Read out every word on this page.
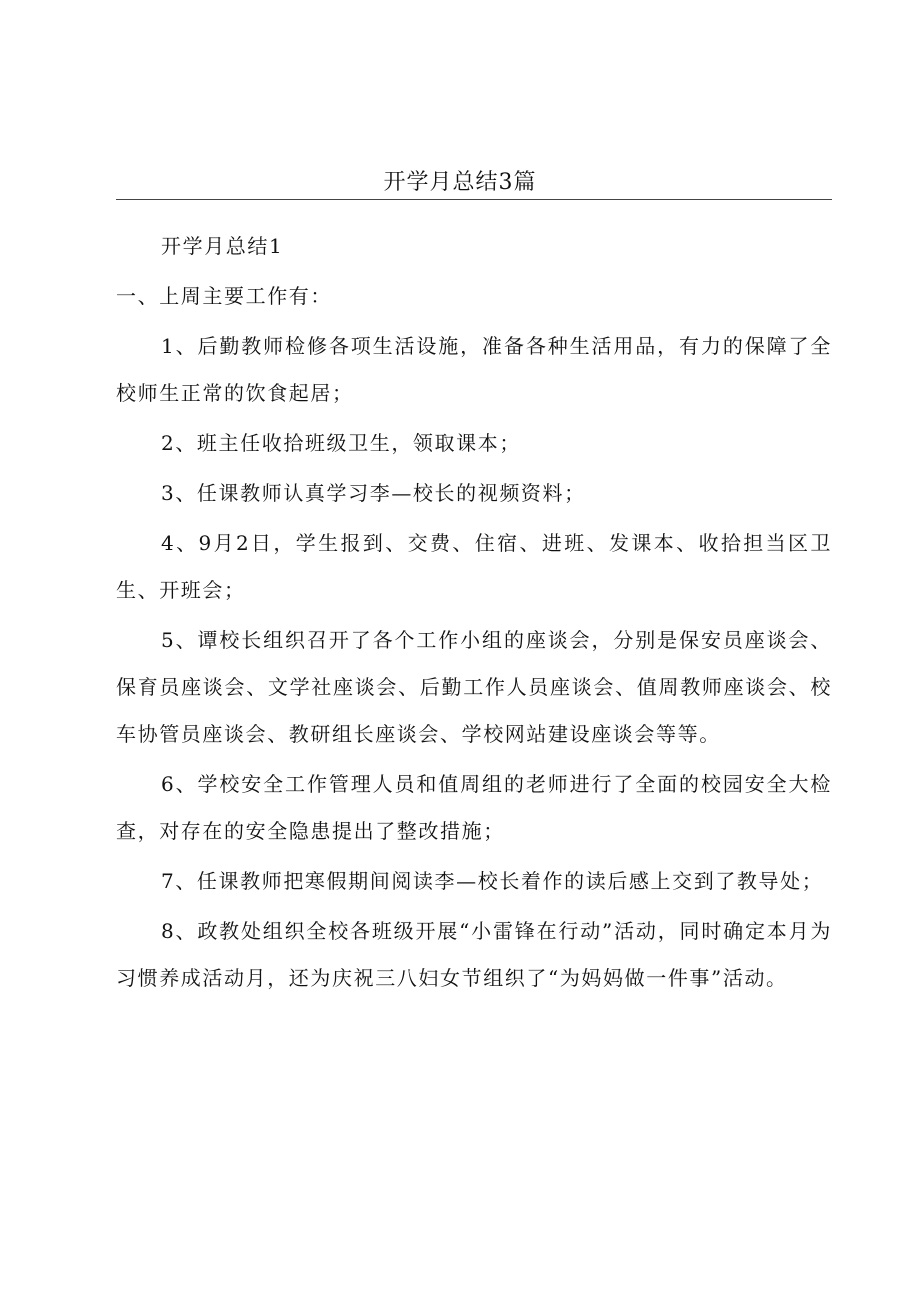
开学月总结3篇

开学月总结1

一、上周主要工作有：

1、后勤教师检修各项生活设施，准备各种生活用品，有力的保障了全校师生正常的饮食起居；

2、班主任收拾班级卫生，领取课本；

3、任课教师认真学习李—校长的视频资料；

4、9月2日，学生报到、交费、住宿、进班、发课本、收拾担当区卫生、开班会；

5、谭校长组织召开了各个工作小组的座谈会，分别是保安员座谈会、保育员座谈会、文学社座谈会、后勤工作人员座谈会、值周教师座谈会、校车协管员座谈会、教研组长座谈会、学校网站建设座谈会等等。

6、学校安全工作管理人员和值周组的老师进行了全面的校园安全大检查，对存在的安全隐患提出了整改措施；

7、任课教师把寒假期间阅读李—校长着作的读后感上交到了教导处；

8、政教处组织全校各班级开展“小雷锋在行动”活动，同时确定本月为习惯养成活动月，还为庆祝三八妇女节组织了“为妈妈做一件事”活动。
